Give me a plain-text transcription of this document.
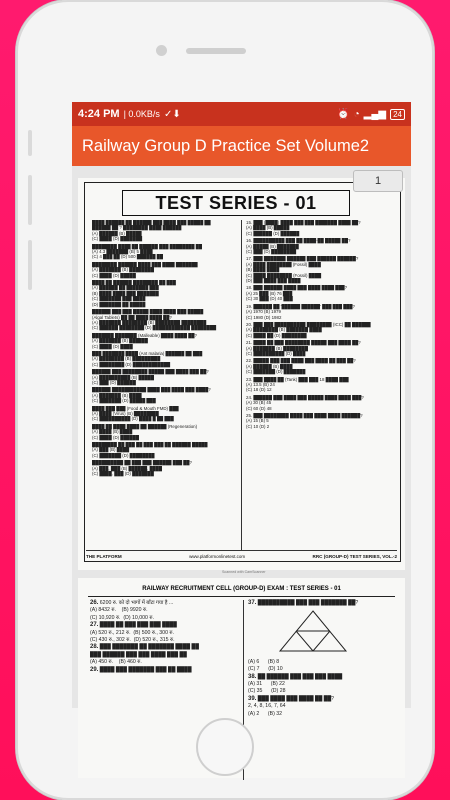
4:24 PM | 0.0KB/s ✓ ⬇	⏰ ◔ ▂▄▆ 24
Railway Group D Practice Set Volume2
1
TEST SERIES - 01
████ ██████ ██ ██████ ███ ████ ███ █████ ██
██████ ██ ? ████████ ████ ██████
(A) ██████ (B) █████
(C) ████ (D) ███████
████████ ████ ██ ██████ ███ ████████ ██
(A) 4.3 ███████ (B) 5 ████
(C) 4 ███ ██ (D) 500 ██████ ██
████████ ██████ ████ ███ ████ ███████
(A) ███████ (B) ████████
(C) ████ (D) █████
████ ██ ██████ ████████ ██ ███
(A) ██████ ██ ███████ ███
(B) ████ ████ ███ ███████
(C) ███████ ███ ████
(D) ███████ ██ █████
██████ ███ ███ █████ ████ ████ ███ █████
(Algal Tablets) ██ ██ ████ ████ ██?
(A) ███████ ████████ (B) ████████ ████████
(C) ██████ ████████ (D) ████████████ ████████
███████ ███████ (Malleable) ████ ████ ██?
(A) ███████ (B) ██████
(C) ████ (D) ████
███ ███████ ████ (Ant malaria) ██████ ██ ███
(A) ████████ (B) █████████
(C) ████████ (D) ████████████
██████ ███ ████████ █████ ███ ████ ███ ██?
(A) ██████████ (B) █████
(C) ███ (D) ██████
██████ ███████████ ████ ███ ████ ███ ████?
(A) ███████ (B) ████
(C) ███████ (D) █████ ███
████ ███ ███ (Food & Mouth FMD) ███
(A) ████ (Virus) (B) ████████
(C) ██████████ (D) ████ █ ██ ███
████ ██ ████ ████ ██ ██████ (Regeneration)
(A) ████ (B) ████
(C) ████ (D) ██████
████████ ██ ███ ██ ███ ███ ██ ██████ █████
(A) ███ (B) ████
(C) ███████ (D) ████████
██████████ ██ ███ ███ ██████ ███ ██?
(A) ███, ███ (B) ██████, ████
(C) ████, ███ (D) ███████
15. ███ (████) ████ ███ ███ ███████ ████ ██?
(A) ████ (B) █████
(C) ██████ (D) ██████
16. ██████████ ███ ██ ████-██ █████ ██?
(A) █████ (B) ███████
(C) ███ (D) ████████
17. ███ ███████ ██████ ███ ██████ ██████?
(A) ████ ████████ (Fossil) ████
(B) ████ ████
(C) ████ ████████ (Fossil) ████
(D) ███ ████ ███ ████
18. ███ ██████ ████ ███ ████ ████ ███?
(A) 25 ███ (B) 76 ███
(C) 30 ███ (D) 40 ███
19. ██████ ██ '██████ ██████' ███ ███ ███?
(A) 1970 (B) 1979
(C) 1980 (D) 1982
20. ███ ███ ██████████ ████████ (ICC) ██ ██████
(A) ████████ (B) ███████ ████
(C) ████ ██ (D) ████████
21. ████ ██ ███ ████████ █████ ███ ████ ██?
(A) ███████ (B) ████████
(C) ██████████ (D) ████
22. █████ ███ ███ ████ ███ ████ ██ ███ ██?
(A) ██████ (B) ████
(C) ███████ (D) ███████
23. ███ ████ ██ (Tank) ███ ███ 18 ████ ███
(A) 13.5 (B) 24
(C) 18 (D) 12
24. ██████ ███ ████ ███ █████ ████ ████ ███?
(A) 30 (B) 45
(C) 60 (D) 48
25. ███ ████████ ████ ███ ████ ████ ██████?
(A) 15 (B) 5
(C) 10 (D) 2
THE PLATFORM	www.platformonlinetest.com	RRC (GROUP-D) TEST SERIES, VOL.-2
Scanned with CamScanner
RAILWAY RECRUITMENT CELL (GROUP-D) EXAM : TEST SERIES - 01
26. 6200 रु. को दो भागों में बाँटा गया है ...
(A) 8432 रु. (B) 9920 रु.
(C) 10,920 रु. (D) 10,000 रु.
27. ████ ██ ███ ███ ███ ████
(A) 520 रु., 212 रु. (B) 500 रु., 300 रु.
(C) 430 रु., 302 रु. (D) 520 रु., 315 रु.
28. ███ ███████ ██ ███████ ████ ██
███ ██████ ███ ███ ████ ███ ██
(A) 450 रु. (B) 460 रु.
29. ████ ███ ███████ ███ ██ ████
37. ██████████ ███ ███ ███████ ██?
(A) 6 (B) 8
(C) 7 (D) 10
38. ██ ██████ ███ ███ ███ ████
(A) 31 (B) 22
(C) 35 (D) 28
39. ███ ████ ███ ████ ██ ██?
2, 4, 8, 16, 7, 64
(A) 2 (B) 32
